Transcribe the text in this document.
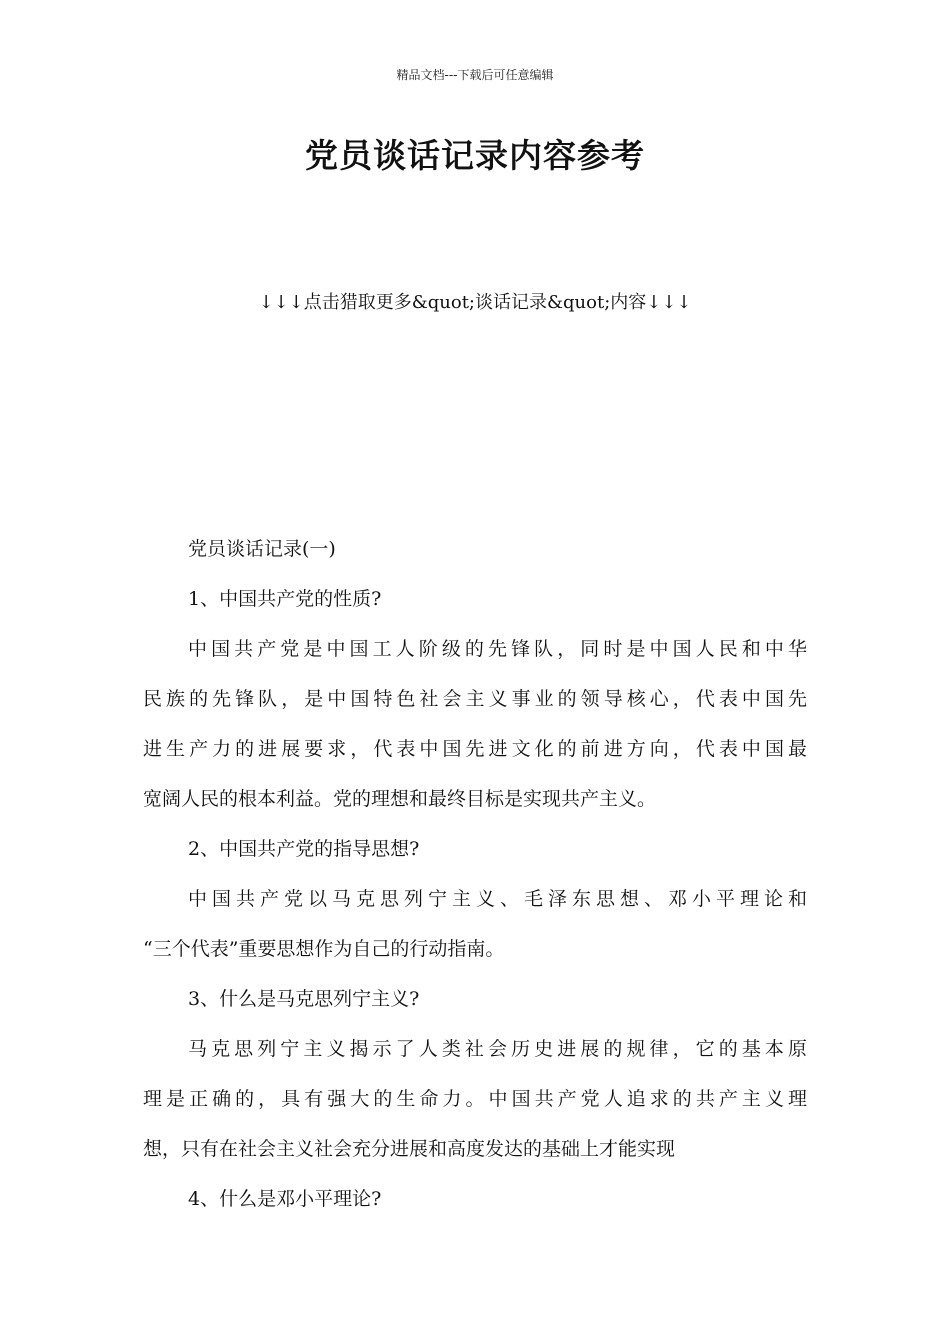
精品文档---下载后可任意编辑
党员谈话记录内容参考
↓↓↓点击猎取更多&quot;谈话记录&quot;内容↓↓↓
党员谈话记录(一)
1、中国共产党的性质?
中国共产党是中国工人阶级的先锋队，同时是中国人民和中华
民族的先锋队，是中国特色社会主义事业的领导核心，代表中国先
进生产力的进展要求，代表中国先进文化的前进方向，代表中国最
宽阔人民的根本利益。党的理想和最终目标是实现共产主义。
2、中国共产党的指导思想?
中国共产党以马克思列宁主义、毛泽东思想、邓小平理论和
“三个代表”重要思想作为自己的行动指南。
3、什么是马克思列宁主义?
马克思列宁主义揭示了人类社会历史进展的规律，它的基本原
理是正确的，具有强大的生命力。中国共产党人追求的共产主义理
想，只有在社会主义社会充分进展和高度发达的基础上才能实现
4、什么是邓小平理论?
